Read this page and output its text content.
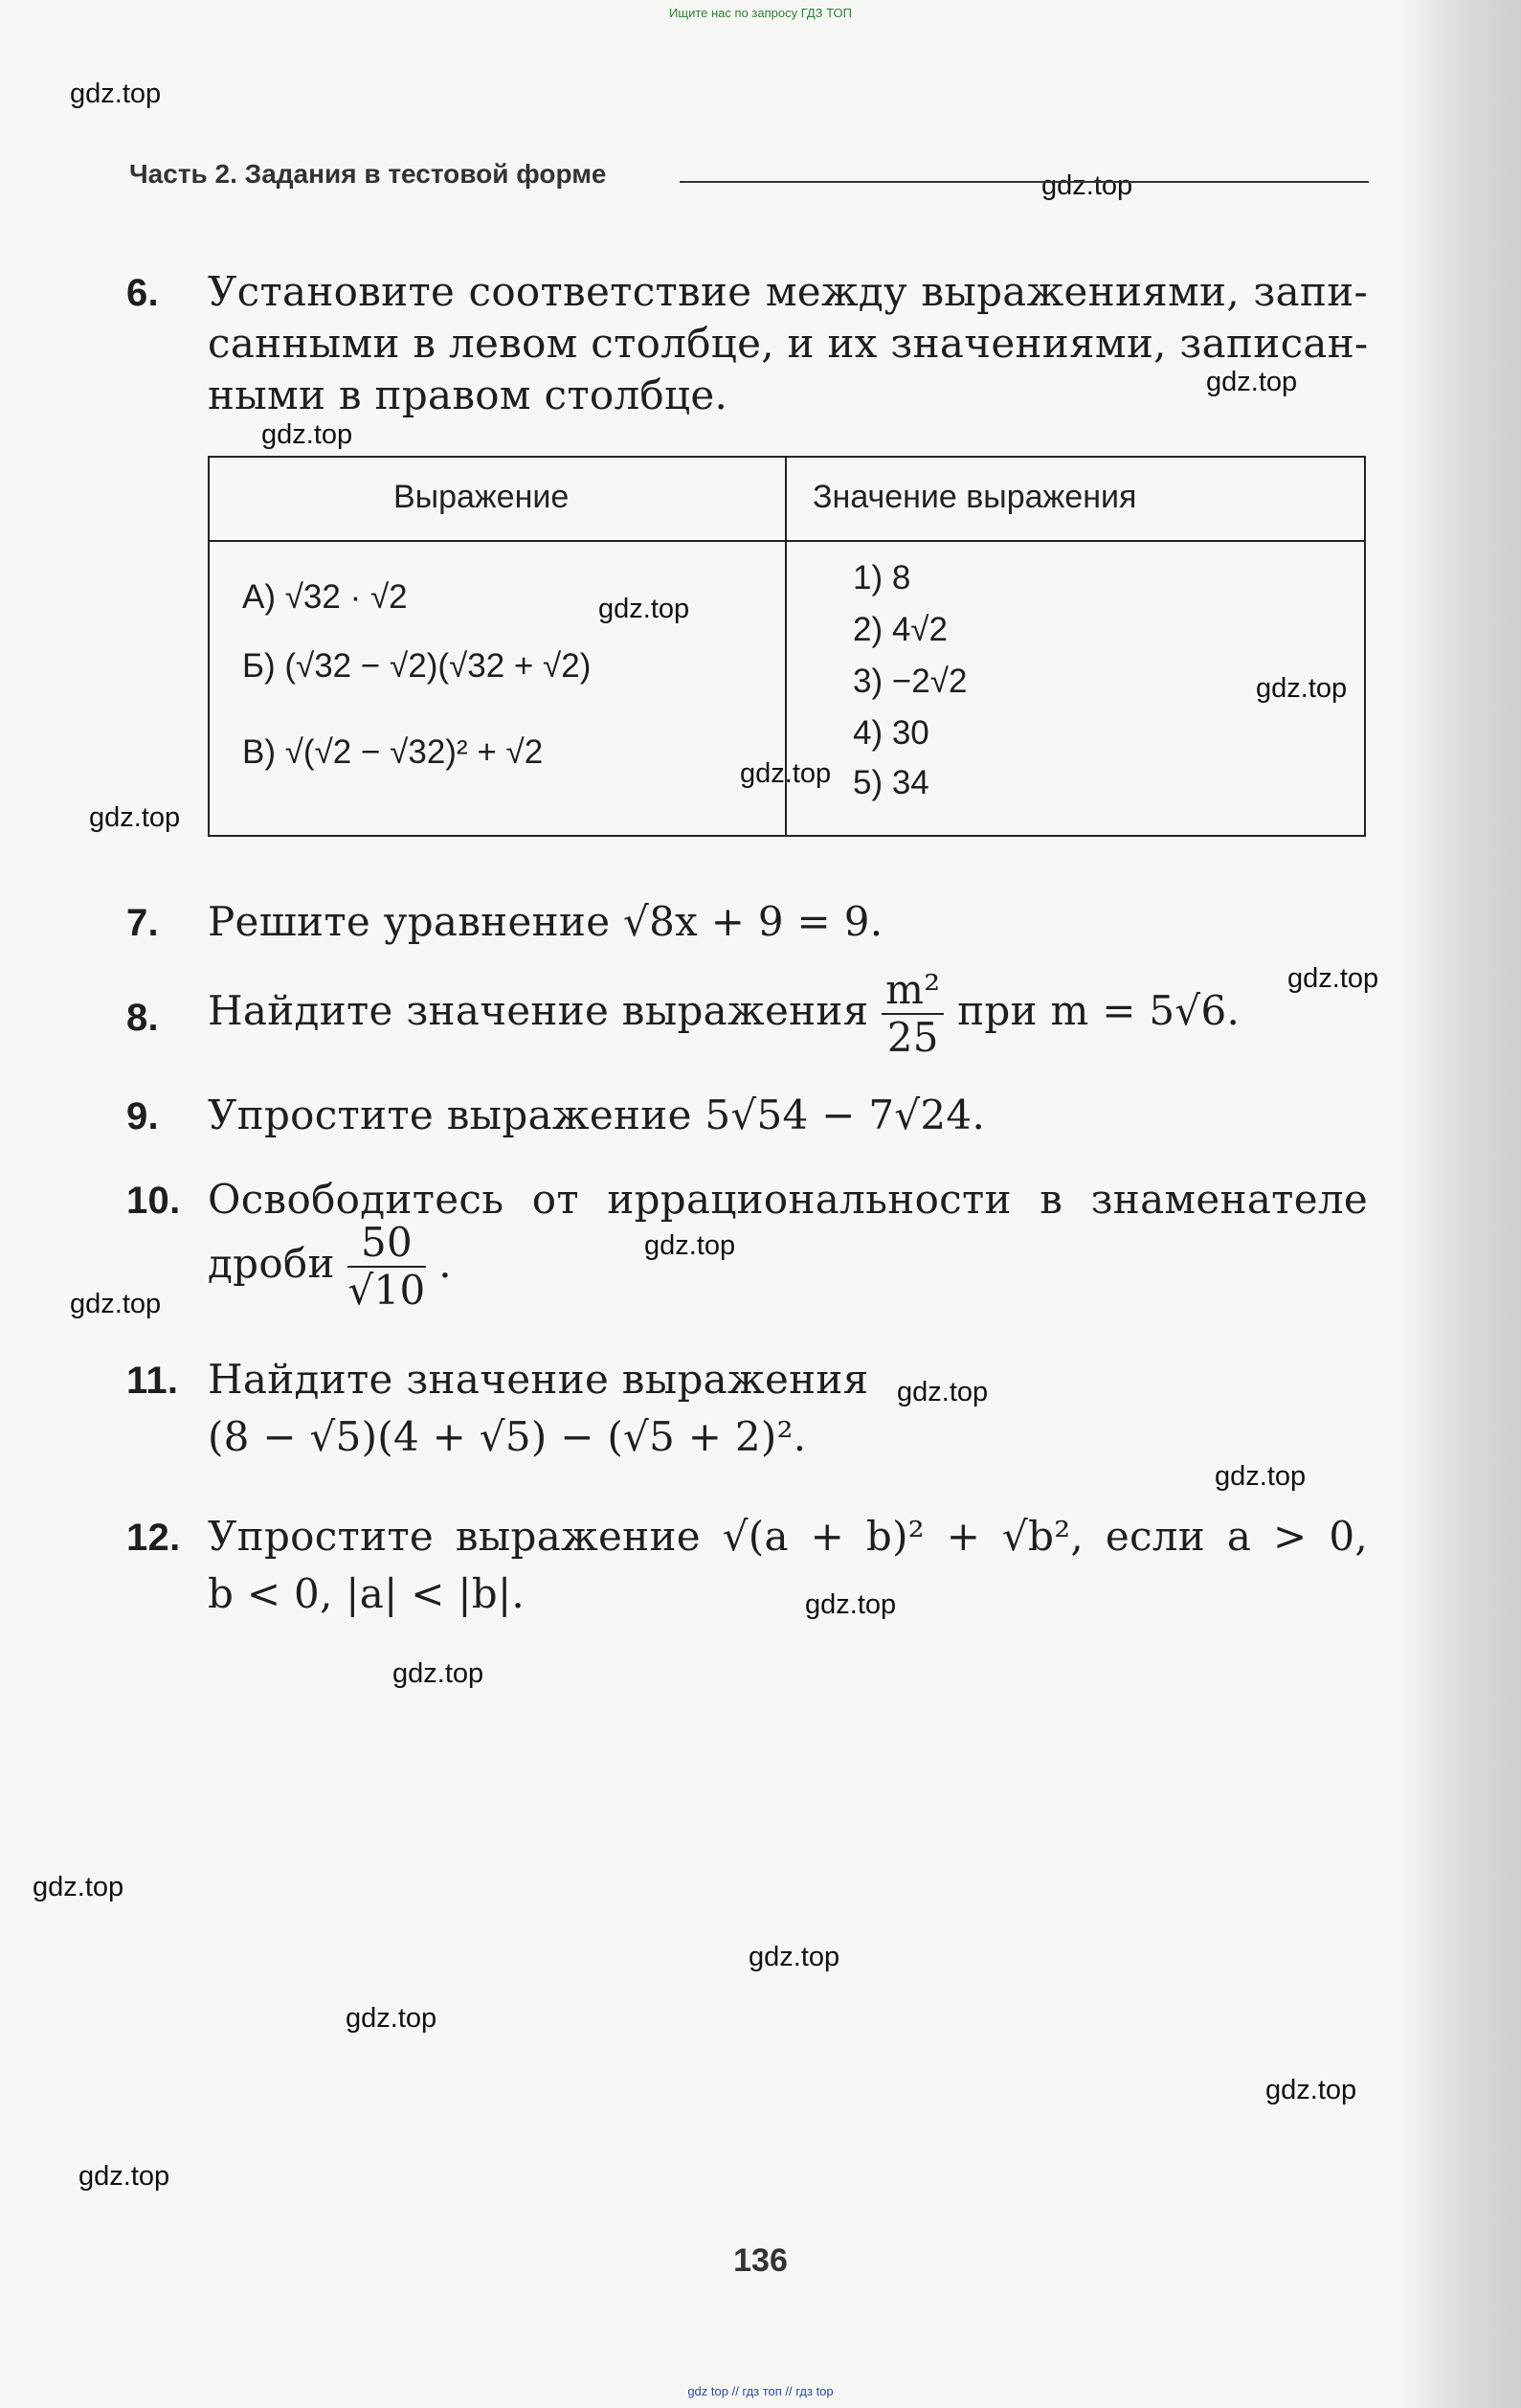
Ищите нас по запросу ГДЗ ТОП
gdz.top
gdz.top
gdz.top
gdz.top
gdz.top
gdz.top
gdz.top
gdz.top
gdz.top
gdz.top
gdz.top
gdz.top
gdz.top
gdz.top
gdz.top
gdz.top
gdz.top
gdz.top
gdz.top
gdz.top
Часть 2. Задания в тестовой форме
6. Установите соответствие между выражениями, запи-
санными в левом столбце, и их значениями, записан-
ными в правом столбце.
Выражение	Значение выражения
А) √32 · √2
Б) (√32 − √2)(√32 + √2)
В) √(√2 − √32)² + √2
1) 8
2) 4√2
3) −2√2
4) 30
5) 34
7. Решите уравнение √8x + 9 = 9.
8. Найдите значение выражения $\frac{\text{m²}}{25}$ при m = 5√6.
9. Упростите выражение 5√54 − 7√24.
10. Освободитесь от иррациональности в знаменателе
дроби $\frac{50}{√10}$ .
11. Найдите значение выражения
(8 − √5)(4 + √5) − (√5 + 2)².
12. Упростите выражение √(a + b)² + √b², если a > 0,
b < 0, |a| < |b|.
136
gdz top // гдз топ // гдз top
